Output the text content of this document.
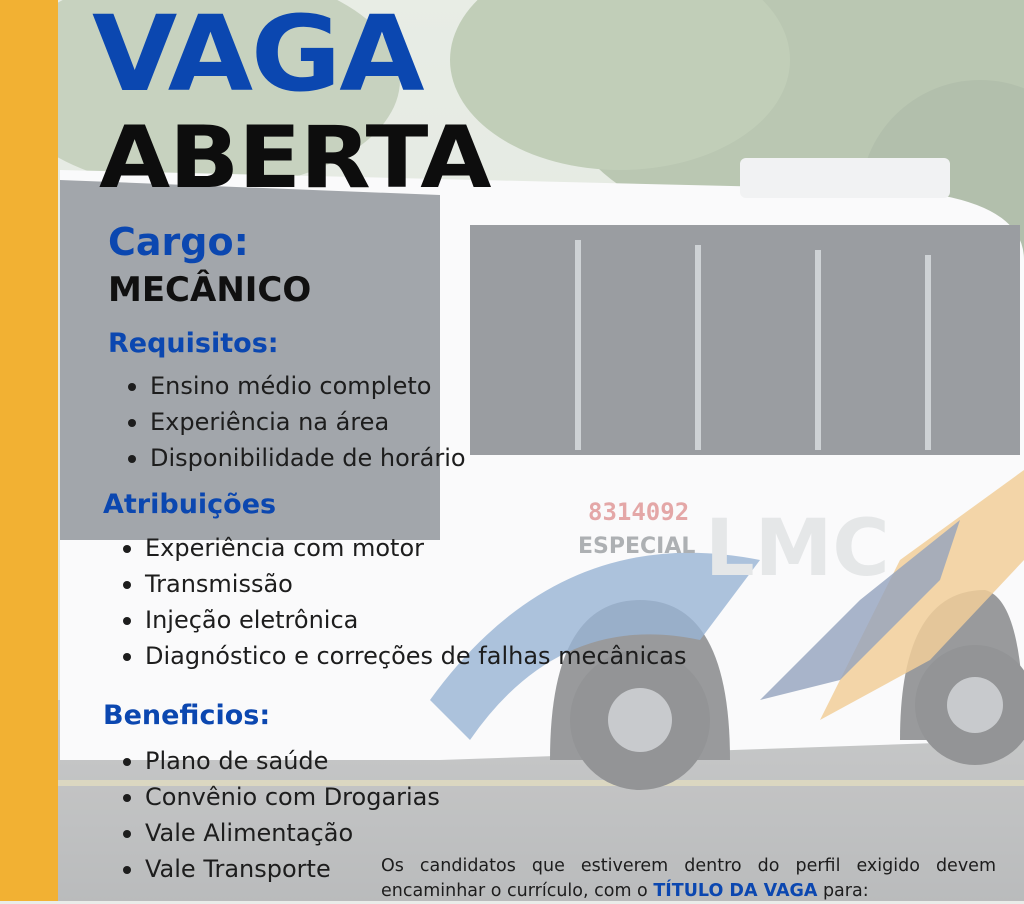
VAGA
ABERTA

Cargo:

MECÂNICO

Requisitos:

Ensino médio completo
Experiência na área
Disponibilidade de horário

Atribuições

Experiência com motor
Transmissão
Injeção eletrônica
Diagnóstico e correções de falhas mecânicas

Beneficios:

Plano de saúde
Convênio com Drogarias
Vale Alimentação
Vale Transporte	Os candidatos que estiverem dentro do perfil exigido devem encaminhar o currículo, com o TÍTULO DA VAGA para:
